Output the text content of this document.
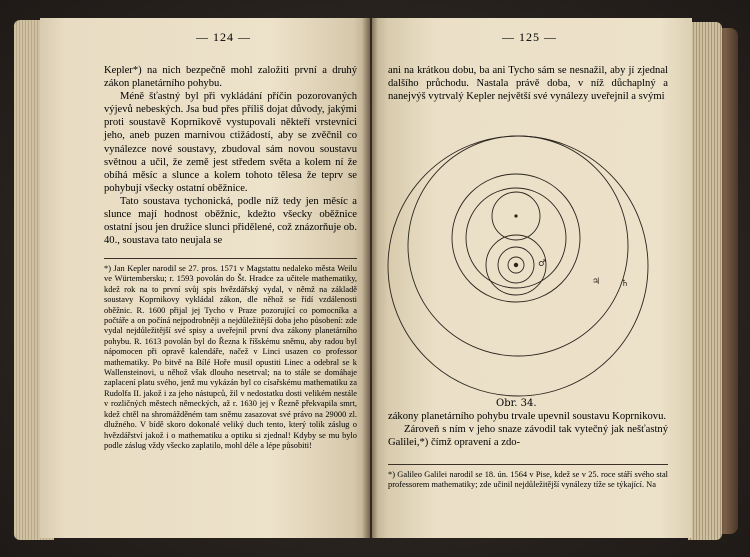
— 124 —

Kepler*) na nich bezpečně mohl založiti první a druhý zákon planetárního pohybu.

Méně šťastný byl při vykládání příčin pozorovaných výjevů nebeských. Jsa bud přes příliš dojat důvody, jakými proti soustavě Koprnikově vystupovali někteří vrstevníci jeho, aneb puzen marnivou ctižádostí, aby se zvěčnil co vynálezce nové soustavy, zbudoval sám novou soustavu světnou a učil, že země jest středem světa a kolem ní že obíhá měsíc a slunce a kolem tohoto tělesa že teprv se pohybují všecky ostatní oběžnice.

Tato soustava tychonická, podle níž tedy jen měsíc a slunce mají hodnost oběžnic, kdežto všecky oběžnice ostatní jsou jen družice slunci přidělené, což znázorňuje ob. 40., soustava tato neujala se

*) Jan Kepler narodil se 27. pros. 1571 v Magstattu nedaleko města Weilu ve Würtembersku; r. 1593 povolán do Št. Hradce za učitele mathematiky, kdež rok na to první svůj spis hvězdářský vydal, v němž na základě soustavy Koprnikovy vykládal zákon, dle něhož se řídí vzdálenosti oběžnic. R. 1600 přijal jej Tycho v Praze pozorující co pomocníka a počtáře a on počíná nejpodrobněji a nejdůležitější doba jeho působení: zde vydal nejdůležitější své spisy a uveřejnil první dva zákony planetárního pohybu. R. 1613 povolán byl do Řezna k říšskému sněmu, aby radou byl nápomocen při opravě kalendáře, načež v Linci usazen co professor mathematiky. Po bitvě na Bílé Hoře musil opustiti Linec a odebral se k Wallensteinovi, u něhož však dlouho nesetrval; na to stále se domáhaje zaplacení platu svého, jenž mu vykázán byl co císařskému mathematiku za Rudolfa II. jakož i za jeho nástupců, žil v nedostatku dosti velikém nestále v rozličných městech německých, až r. 1630 jej v Řezně překvapila smrt, kdež chtěl na shromážděném tam sněmu zasazovat své právo na 29000 zl. dlužného. V bídě skoro dokonalé veliký duch tento, který tolik záslug o hvězdářství jakož i o mathematiku a optiku si zjednal! Kdyby se mu bylo podle záslug vždy všecko zaplatilo, mohl déle a lépe působiti!
— 125 —

ani na krátkou dobu, ba ani Tycho sám se nesnažil, aby jí zjednal dalšího průchodu. Nastala právě doba, v níž důchaplný a nanejvýš vytrvalý Kepler největší své vynálezy uveřejnil a svými

♂
♃ ♄
Obr. 34.

zákony planetárního pohybu trvale upevnil soustavu Koprnikovu.

Zároveň s ním v jeho snaze závodil tak vytečný jak nešťastný Galilei,*) čímž opravení a zdo-

*) Galileo Galilei narodil se 18. ún. 1564 v Pise, kdež se v 25. roce stáří svého stal professorem mathematiky; zde učinil nejdůležitější vynálezy tíže se týkající. Na
